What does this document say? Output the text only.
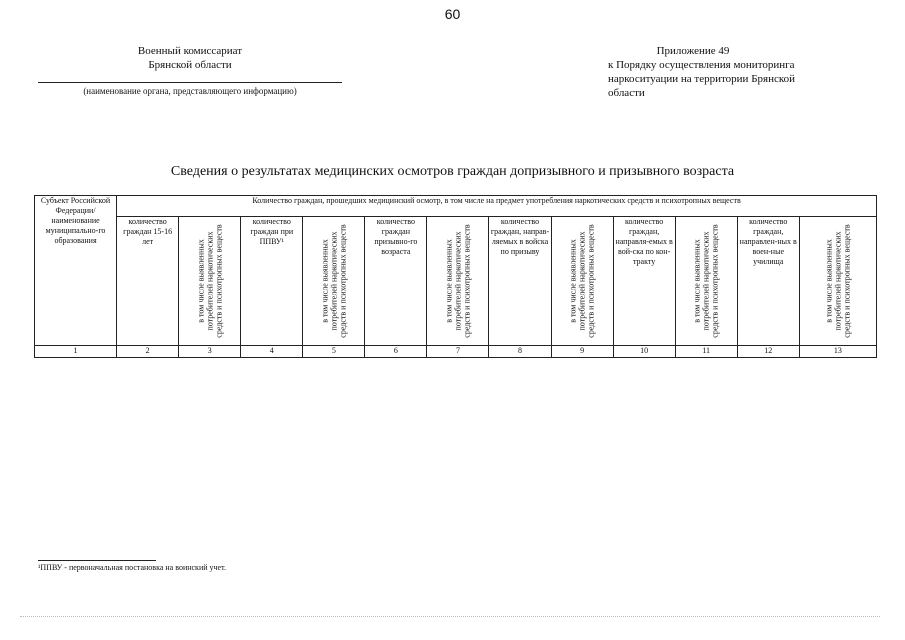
60
Военный комиссариат
Брянской области
(наименование органа, представляющего информацию)
Приложение 49
к Порядку осуществления мониторинга
наркоситуации на территории Брянской
области
Сведения о результатах медицинских осмотров граждан допризывного и призывного возраста
Субъект Российской Федерации/ наименование муниципально-го образования	Количество граждан, прошедших медицинский осмотр, в том числе на предмет употребления наркотических средств и психотропных веществ											
	количество граждан 15-16 лет	в том числе выявленных потребителей наркотических средств и психотропных веществ	количество граждан при ППВУ¹	в том числе выявленных потребителей наркотических средств и психотропных веществ	количество граждан призывно-го возраста	в том числе выявленных потребителей наркотических средств и психотропных веществ	количество граждан, направ-ляемых в войска по призыву	в том числе выявленных потребителей наркотических средств и психотропных веществ	количество граждан, направля-емых в вой-ска по кон-тракту	в том числе выявленных потребителей наркотических средств и психотропных веществ	количество граждан, направлен-ных в воен-ные училища	в том числе выявленных потребителей наркотических средств и психотропных веществ

1	2	3	4	5	6	7	8	9	10	11	12	13
¹ППВУ - первоначальная постановка на воинский учет.
